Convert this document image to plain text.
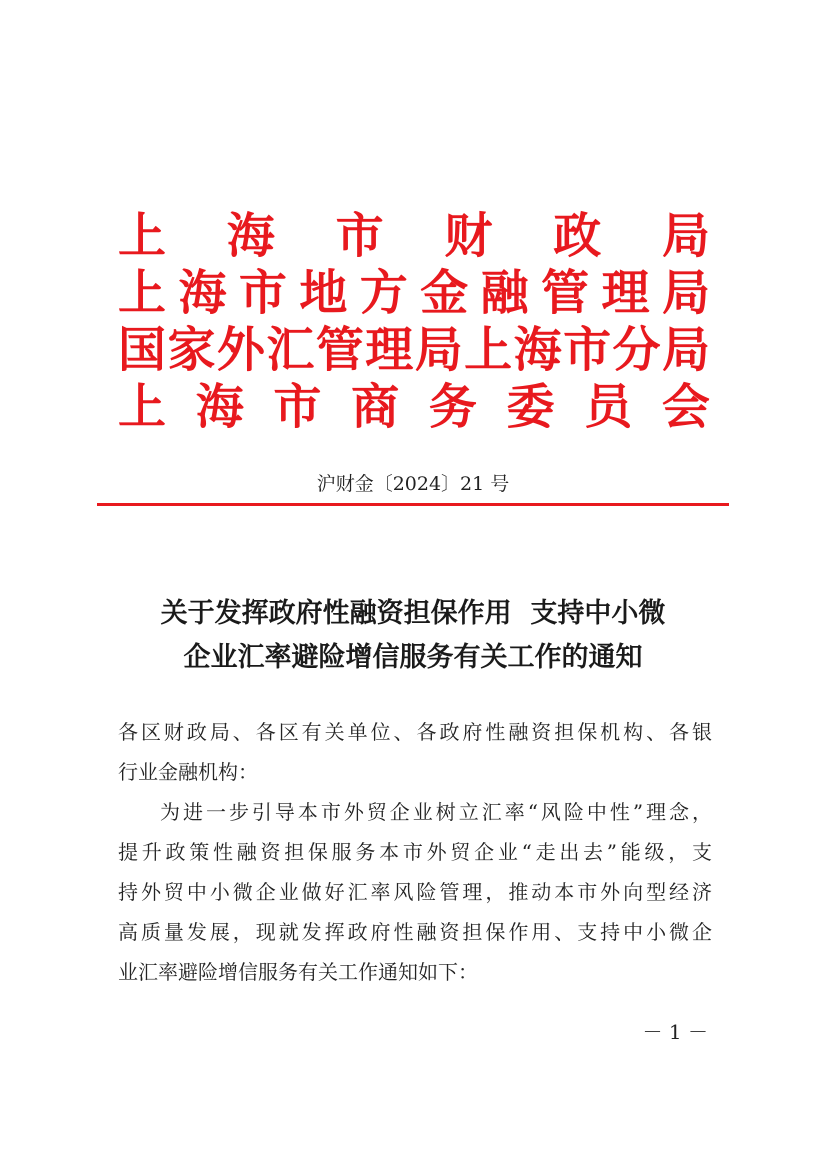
上 海 市 财 政 局
上 海 市 地 方 金 融 管 理 局
国 家 外 汇 管 理 局 上 海 市 分 局
上 海 市 商 务 委 员 会
沪财金〔2024〕21 号
关于发挥政府性融资担保作用  支持中小微
企业汇率避险增信服务有关工作的通知
各区财政局、各区有关单位、各政府性融资担保机构、各银
行业金融机构：
为进一步引导本市外贸企业树立汇率“风险中性”理念，
提升政策性融资担保服务本市外贸企业“走出去”能级，支
持外贸中小微企业做好汇率风险管理，推动本市外向型经济
高质量发展，现就发挥政府性融资担保作用、支持中小微企
业汇率避险增信服务有关工作通知如下：
－ 1 －
